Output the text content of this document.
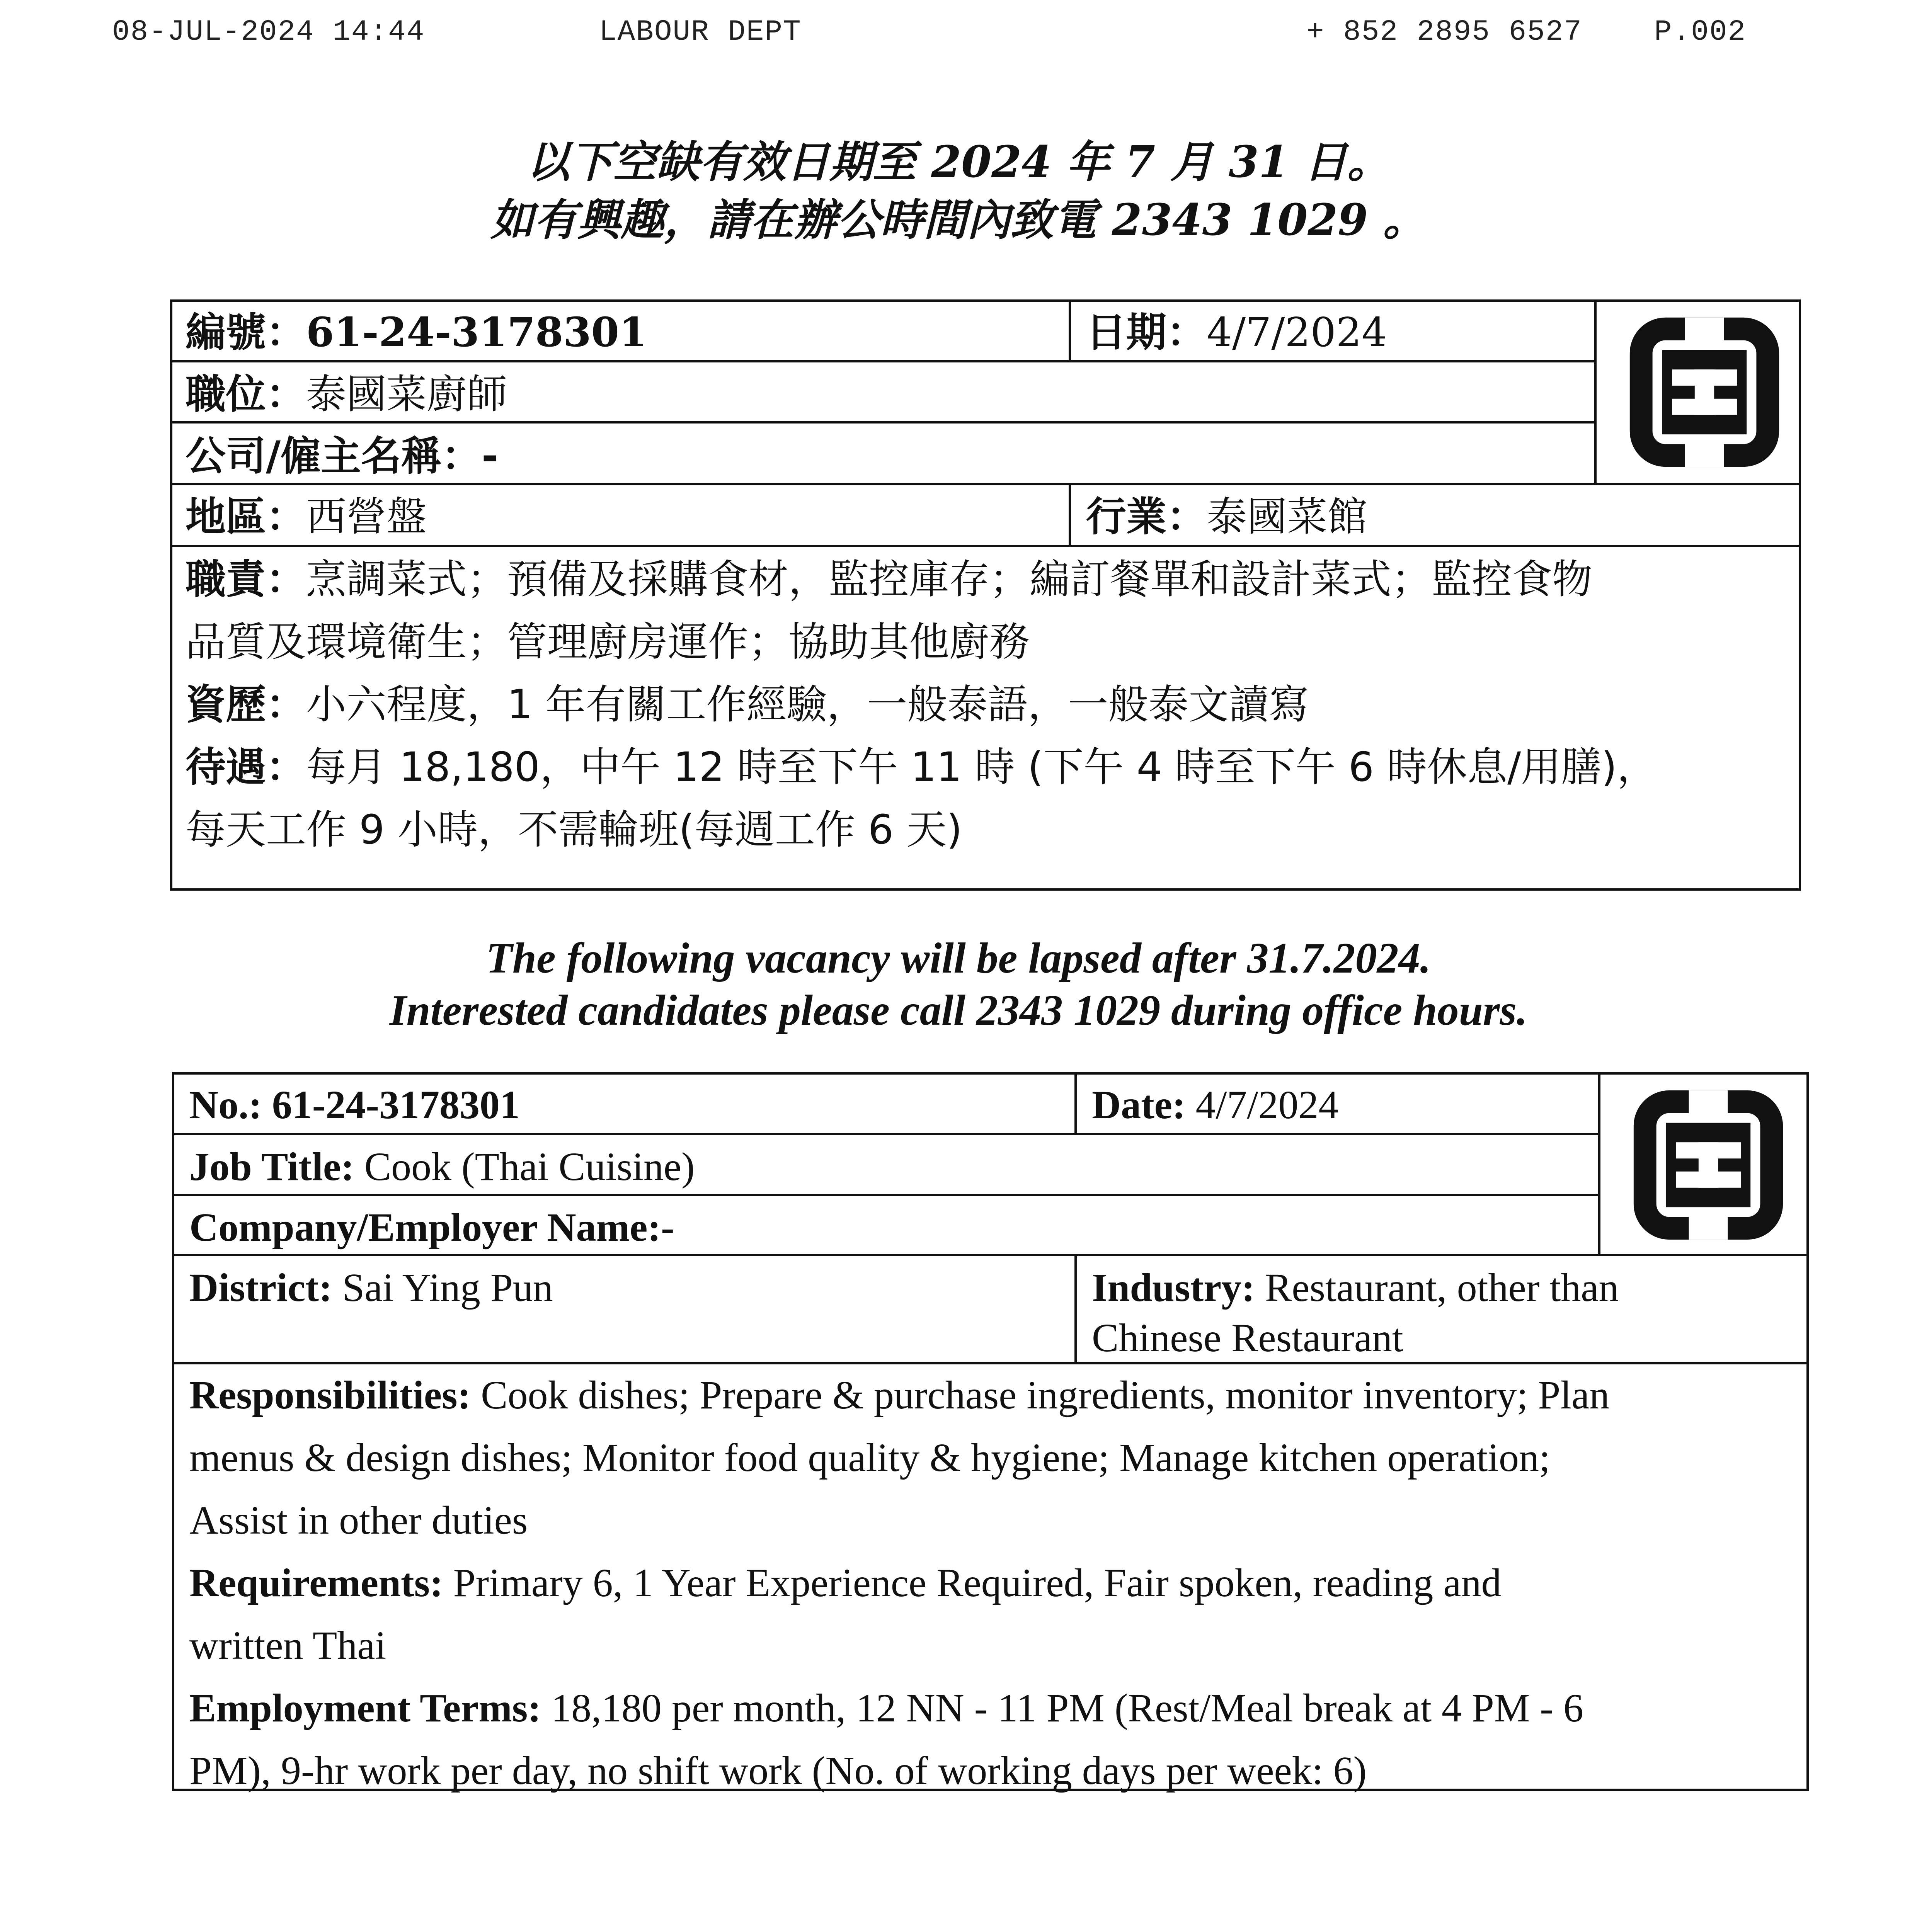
08-JUL-2024 14:44	LABOUR DEPT	+ 852 2895 6527 P.002
以下空缺有效日期至 2024 年 7 月 31 日。
如有興趣，請在辦公時間內致電 2343 1029 。
編號：61-24-3178301	日期：4/7/2024
職位：泰國菜廚師
公司/僱主名稱：-
地區：西營盤	行業：泰國菜館
職責：烹調菜式；預備及採購食材，監控庫存；編訂餐單和設計菜式；監控食物
品質及環境衛生；管理廚房運作；協助其他廚務
資歷：小六程度，1 年有關工作經驗，一般泰語，一般泰文讀寫
待遇：每月 18,180，中午 12 時至下午 11 時 (下午 4 時至下午 6 時休息/用膳)，
每天工作 9 小時，不需輪班(每週工作 6 天)
The following vacancy will be lapsed after 31.7.2024.
Interested candidates please call 2343 1029 during office hours.
No.: 61-24-3178301	Date: 4/7/2024
Job Title: Cook (Thai Cuisine)
Company/Employer Name:-
District: Sai Ying Pun	Industry: Restaurant, other than
Chinese Restaurant
Responsibilities: Cook dishes; Prepare & purchase ingredients, monitor inventory; Plan
menus & design dishes; Monitor food quality & hygiene; Manage kitchen operation;
Assist in other duties
Requirements: Primary 6, 1 Year Experience Required, Fair spoken, reading and
written Thai
Employment Terms: 18,180 per month, 12 NN - 11 PM (Rest/Meal break at 4 PM - 6
PM), 9-hr work per day, no shift work (No. of working days per week: 6)
